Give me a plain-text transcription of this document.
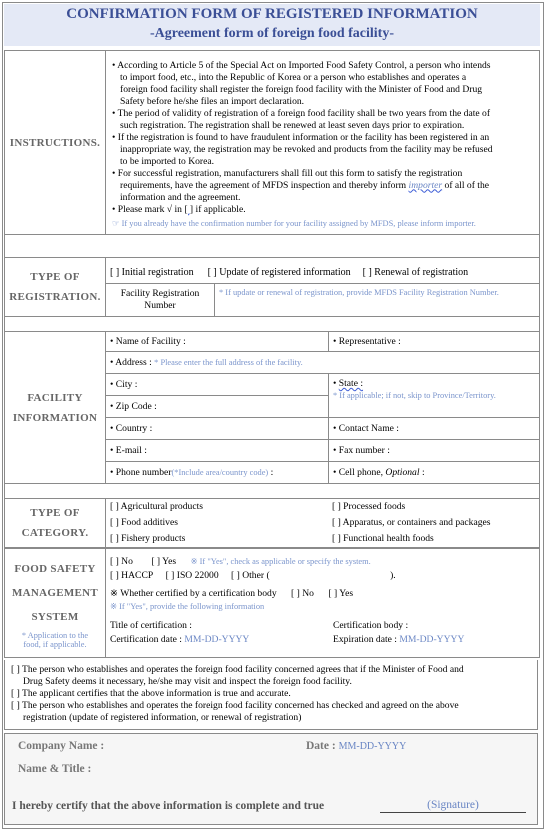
CONFIRMATION FORM OF REGISTERED INFORMATION
-Agreement form of foreign food facility-
INSTRUCTIONS.	
• According to Article 5 of the Special Act on Imported Food Safety Control, a person who intends
to import food, etc., into the Republic of Korea or a person who establishes and operates a
foreign food facility shall register the foreign food facility with the Minister of Food and Drug
Safety before he/she files an import declaration.
• The period of validity of registration of a foreign food facility shall be two years from the date of
such registration. The registration shall be renewed at least seven days prior to expiration.
• If the registration is found to have fraudulent information or the facility has been registered in an
inappropriate way, the registration may be revoked and products from the facility may be refused
to be imported to Korea.
• For successful registration, manufacturers shall fill out this form to satisfy the registration
requirements, have the agreement of MFDS inspection and thereby inform importer of all of the
information and the agreement.
• Please mark √ in [ ] if applicable.
☞ If you already have the confirmation number for your facility assigned by MFDS, please inform importer.
TYPE OF
REGISTRATION.	[ ] Initial registration [ ] Update of registered information [ ] Renewal of registration	

	Facility Registration
Number	* If update or renewal of registration, provide MFDS Facility Registration Number.
FACILITY
INFORMATION	• Name of Facility :	• Representative :
	• Address : * Please enter the full address of the facility.	
	• City :	• State :
* If applicable; if not, skip to Province/Territory.

	• Zip Code :	
	• Country :	• Contact Name :
	• E-mail :	• Fax number :
	• Phone number(*Include area/country code) :	• Cell phone, Optional :
TYPE OF
CATEGORY.	[ ] Agricultural products	[ ] Processed foods
	[ ] Food additives	[ ] Apparatus, or containers and packages
	[ ] Fishery products	[ ] Functional health foods
FOOD SAFETY
MANAGEMENT
SYSTEM
* Application to the
food, if applicable.

[ ] No [ ] Yes ※ If "Yes", check as applicable or specify the system.
[ ] HACCP [ ] ISO 22000 [ ] Other (	).
※ Whether certified by a certification body [ ] No [ ] Yes
※ If "Yes", provide the following information
Title of certification :	Certification body :
Certification date : MM-DD-YYYY	Expiration date : MM-DD-YYYY
[ ] The person who establishes and operates the foreign food facility concerned agrees that if the Minister of Food and
Drug Safety deems it necessary, he/she may visit and inspect the foreign food facility.
[ ] The applicant certifies that the above information is true and accurate.
[ ] The person who establishes and operates the foreign food facility concerned has checked and agreed on the above
registration (update of registered information, or renewal of registration)
Company Name :	Date : MM-DD-YYYY
Name & Title :
I hereby certify that the above information is complete and true	(Signature)
